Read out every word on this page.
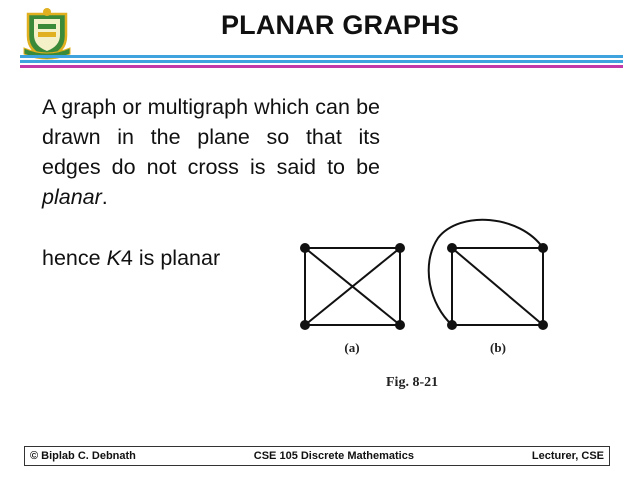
PLANAR GRAPHS
A graph or multigraph which can be drawn in the plane so that its edges do not cross is said to be planar.
hence K4 is planar
(a)	(b)
Fig. 8-21
© Biplab C. Debnath	CSE 105 Discrete Mathematics	Lecturer, CSE
